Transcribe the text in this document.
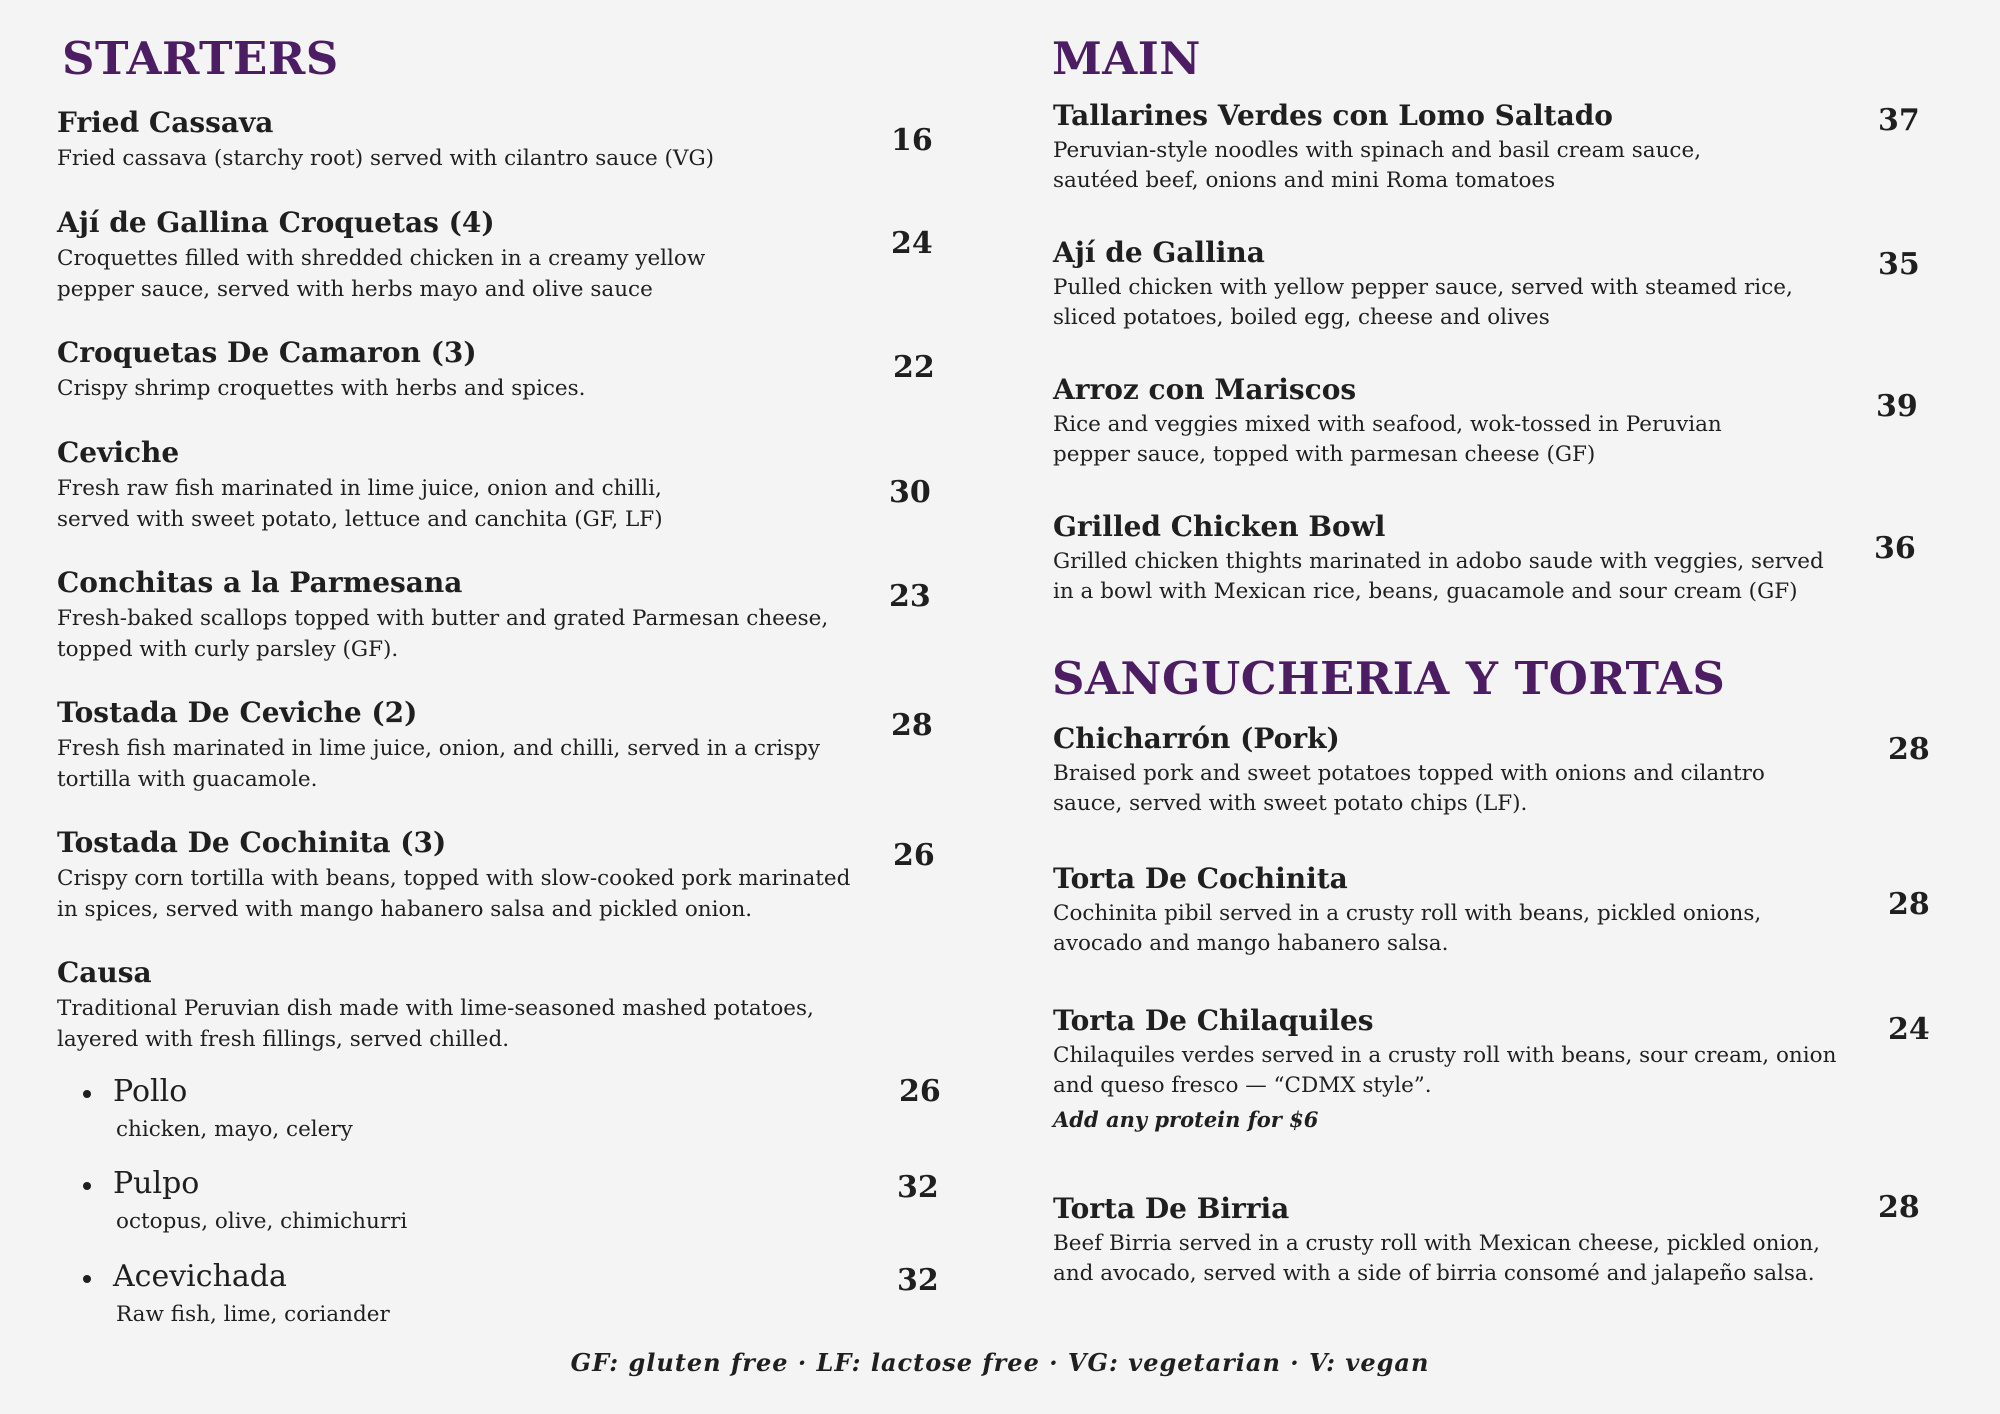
STARTERS
Fried Cassava
Fried cassava (starchy root) served with cilantro sauce (VG)
16
Ají de Gallina Croquetas (4)
Croquettes filled with shredded chicken in a creamy yellow pepper sauce, served with herbs mayo and olive sauce
24
Croquetas De Camaron (3)
Crispy shrimp croquettes with herbs and spices.
22
Ceviche
Fresh raw fish marinated in lime juice, onion and chilli, served with sweet potato, lettuce and canchita (GF, LF)
30
Conchitas a la Parmesana
Fresh-baked scallops topped with butter and grated Parmesan cheese, topped with curly parsley (GF).
23
Tostada De Ceviche (2)
Fresh fish marinated in lime juice, onion, and chilli, served in a crispy tortilla with guacamole.
28
Tostada De Cochinita (3)
Crispy corn tortilla with beans, topped with slow-cooked pork marinated in spices, served with mango habanero salsa and pickled onion.
26
Causa
Traditional Peruvian dish made with lime-seasoned mashed potatoes, layered with fresh fillings, served chilled.
Pollo
chicken, mayo, celery
26
Pulpo
octopus, olive, chimichurri
32
Acevichada
Raw fish, lime, coriander
32
MAIN
Tallarines Verdes con Lomo Saltado
Peruvian-style noodles with spinach and basil cream sauce, sautéed beef, onions and mini Roma tomatoes
37
Ají de Gallina
Pulled chicken with yellow pepper sauce, served with steamed rice, sliced potatoes, boiled egg, cheese and olives
35
Arroz con Mariscos
Rice and veggies mixed with seafood, wok-tossed in Peruvian pepper sauce, topped with parmesan cheese (GF)
39
Grilled Chicken Bowl
Grilled chicken thights marinated in adobo saude with veggies, served in a bowl with Mexican rice, beans, guacamole and sour cream (GF)
36
SANGUCHERIA Y TORTAS
Chicharrón (Pork)
Braised pork and sweet potatoes topped with onions and cilantro sauce, served with sweet potato chips (LF).
28
Torta De Cochinita
Cochinita pibil served in a crusty roll with beans, pickled onions, avocado and mango habanero salsa.
28
Torta De Chilaquiles
Chilaquiles verdes served in a crusty roll with beans, sour cream, onion and queso fresco — “CDMX style”.
Add any protein for $6
24
Torta De Birria
Beef Birria served in a crusty roll with Mexican cheese, pickled onion, and avocado, served with a side of birria consomé and jalapeño salsa.
28
GF: gluten free · LF: lactose free · VG: vegetarian · V: vegan
